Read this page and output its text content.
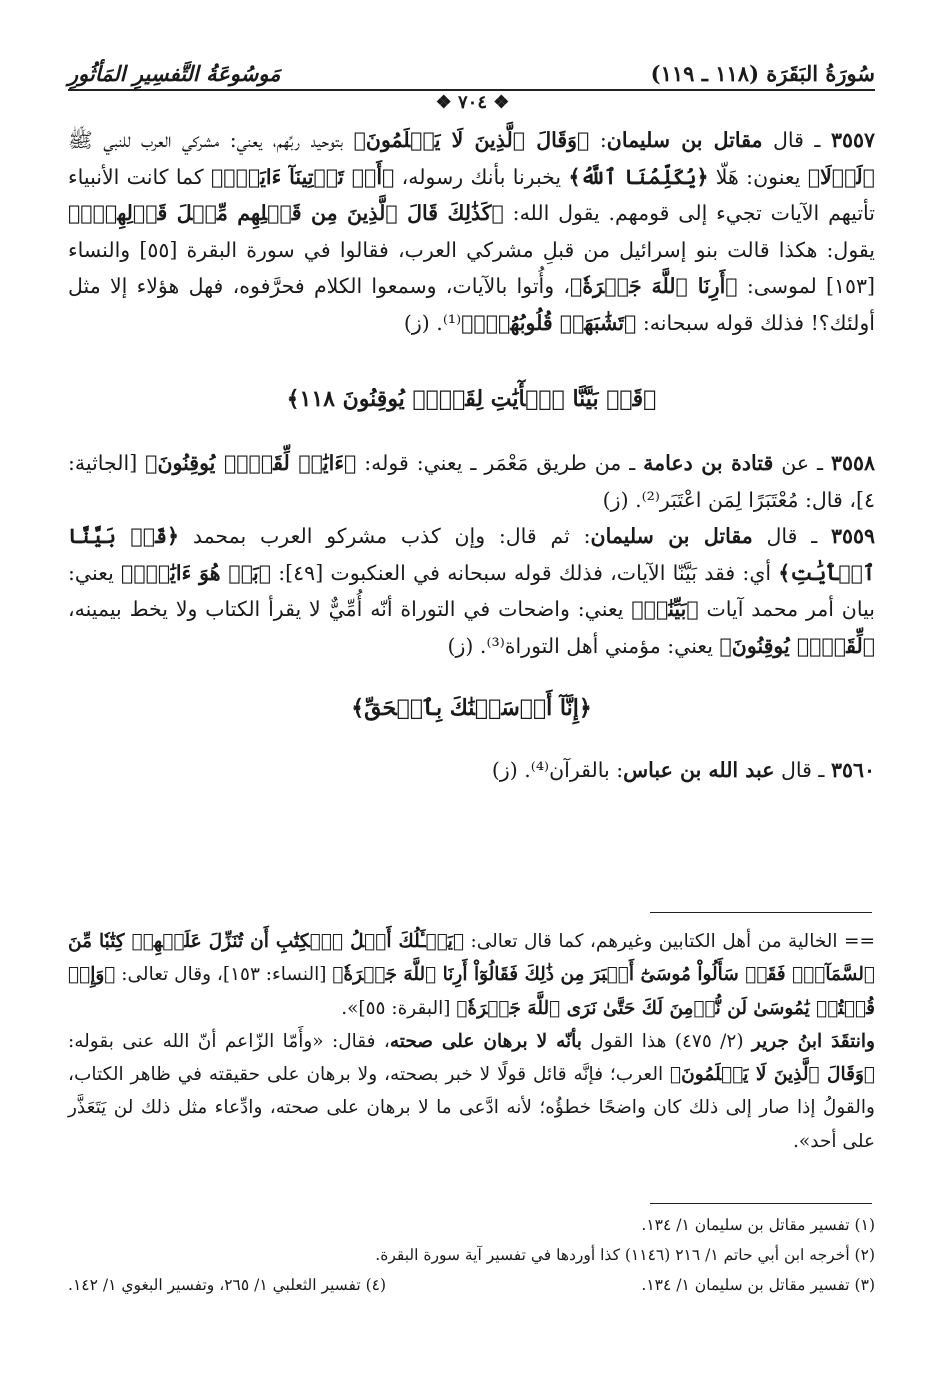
سُورَةُ البَقَرَة (١١٨ ـ ١١٩)
مَوسُوعَةُ التَّفسِيرِ المَأثُورِ
❖ ٧٠٤ ❖

٣٥٥٧ ـ قال مقاتل بن سليمان: ﴿وَقَالَ ٱلَّذِينَ لَا يَعۡلَمُونَ﴾ بتوحيد ربِّهم، يعني: مشركي العرب للنبي ﷺ ﴿لَوۡلَا﴾ يعنون: هَلّا ﴿يُكَلِّمُنَا ٱللَّهُ﴾ يخبرنا بأنك رسوله، ﴿أَوۡ تَأۡتِينَآ ءَايَةٞۗ﴾ كما كانت الأنبياء تأتيهم الآيات تجيء إلى قومهم. يقول الله: ﴿كَذَٰلِكَ قَالَ ٱلَّذِينَ مِن قَبۡلِهِم مِّثۡلَ قَوۡلِهِمۡۘ﴾ يقول: هكذا قالت بنو إسرائيل من قبلِ مشركي العرب، فقالوا في سورة البقرة [٥٥] والنساء [١٥٣] لموسى: ﴿أَرِنَا ٱللَّهَ جَهۡرَةٗ﴾، وأُتوا بالآيات، وسمعوا الكلام فحرَّفوه، فهل هؤلاء إلا مثل أولئك؟! فذلك قوله سبحانه: ﴿تَشَٰبَهَتۡ قُلُوبُهُمۡۗ﴾⁽¹⁾. (ز)

﴿قَدۡ بَيَّنَّا ٱلۡأٓيَٰتِ لِقَوۡمٖ يُوقِنُونَ ١١٨﴾

٣٥٥٨ ـ عن قتادة بن دعامة ـ من طريق مَعْمَر ـ يعني: قوله: ﴿ءَايَٰتٞ لِّقَوۡمٖ يُوقِنُونَ﴾ [الجاثية: ٤]، قال: مُعْتَبَرًا لِمَن اعْتَبَر⁽²⁾. (ز)

٣٥٥٩ ـ قال مقاتل بن سليمان: ثم قال: وإن كذب مشركو العرب بمحمد ﴿قَدۡ بَيَّنَّا ٱلۡأٓيَٰتِ﴾ أي: فقد بَيَّنّا الآيات، فذلك قوله سبحانه في العنكبوت [٤٩]: ﴿بَلۡ هُوَ ءَايَٰتُۢ﴾ يعني: بيان أمر محمد آيات ﴿بَيِّنَٰتٞ﴾ يعني: واضحات في التوراة أنّه أُمِّيٌّ لا يقرأ الكتاب ولا يخط بيمينه، ﴿لِّقَوۡمٖ يُوقِنُونَ﴾ يعني: مؤمني أهل التوراة⁽³⁾. (ز)

﴿إِنَّآ أَرۡسَلۡنَٰكَ بِٱلۡحَقِّ﴾

٣٥٦٠ ـ قال عبد الله بن عباس: بالقرآن⁽⁴⁾. (ز)

== الخالية من أهل الكتابين وغيرهم، كما قال تعالى: ﴿يَسۡـَٔلُكَ أَهۡلُ ٱلۡكِتَٰبِ أَن تُنَزِّلَ عَلَيۡهِمۡ كِتَٰبٗا مِّنَ ٱلسَّمَآءِۚ فَقَدۡ سَأَلُواْ مُوسَىٰٓ أَكۡبَرَ مِن ذَٰلِكَ فَقَالُوٓاْ أَرِنَا ٱللَّهَ جَهۡرَةٗ﴾ [النساء: ١٥٣]، وقال تعالى: ﴿وَإِذۡ قُلۡتُمۡ يَٰمُوسَىٰ لَن نُّؤۡمِنَ لَكَ حَتَّىٰ نَرَى ٱللَّهَ جَهۡرَةٗ﴾ [البقرة: ٥٥]».
وانتقَدَ ابنُ جرير (٢/ ٤٧٥) هذا القول بأنّه لا برهان على صحته، فقال: «وأَمّا الزّاعم أنّ الله عنى بقوله: ﴿وَقَالَ ٱلَّذِينَ لَا يَعۡلَمُونَ﴾ العرب؛ فإنَّه قائل قولًا لا خبر بصحته، ولا برهان على حقيقته في ظاهر الكتاب، والقولُ إذا صار إلى ذلك كان واضحًا خطؤُه؛ لأنه ادَّعى ما لا برهان على صحته، وادِّعاء مثل ذلك لن يَتَعَذَّر على أحد».
(١) تفسير مقاتل بن سليمان ١/ ١٣٤.
(٢) أخرجه ابن أبي حاتم ١/ ٢١٦ (١١٤٦) كذا أوردها في تفسير آية سورة البقرة.
(٣) تفسير مقاتل بن سليمان ١/ ١٣٤.
(٤) تفسير الثعلبي ١/ ٢٦٥، وتفسير البغوي ١/ ١٤٢.
